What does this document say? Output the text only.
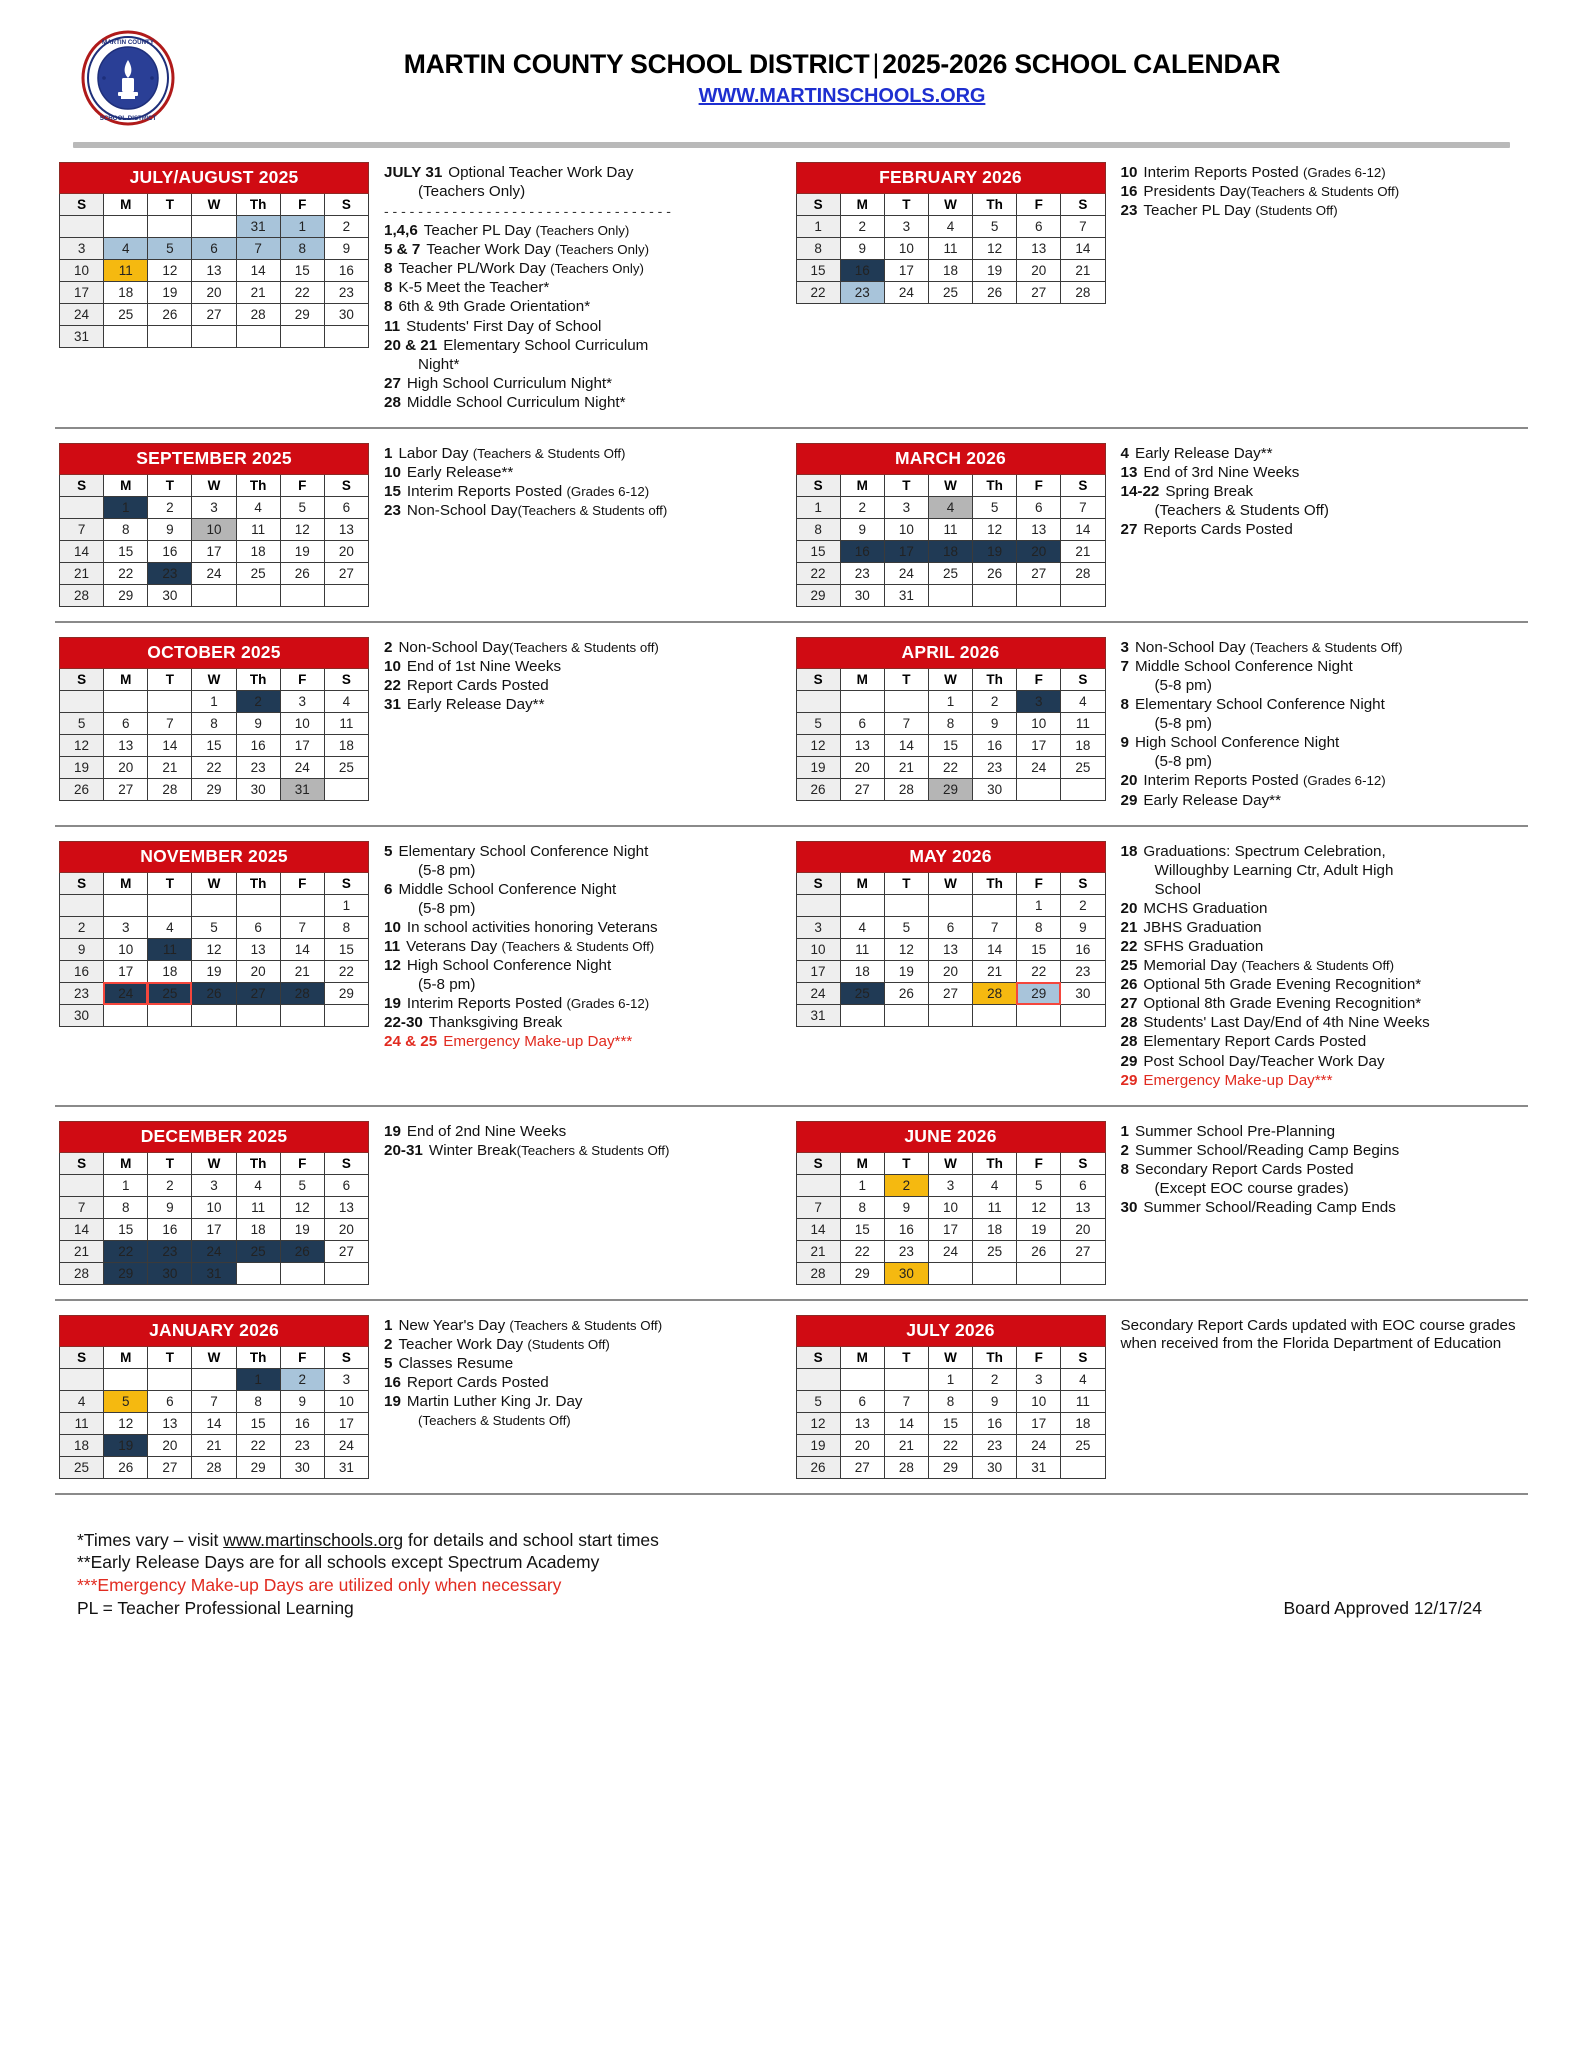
MARTIN COUNTY
SCHOOL DISTRICT
MARTIN COUNTY SCHOOL DISTRICT | 2025-2026 SCHOOL CALENDAR
WWW.MARTINSCHOOLS.ORG
JULY/AUGUST 2025						
S	M	T	W	Th	F	S
				31	1	2
3	4	5	6	7	8	9
10	11	12	13	14	15	16
17	18	19	20	21	22	23
24	25	26	27	28	29	30
31						
JULY 31 Optional Teacher Work Day
(Teachers Only)
- - - - - - - - - - - - - - - - - - - - - - - - - - - - - - - - - -
1,4,6 Teacher PL Day (Teachers Only)
5 & 7 Teacher Work Day (Teachers Only)
8 Teacher PL/Work Day (Teachers Only)
8 K-5 Meet the Teacher*
8 6th & 9th Grade Orientation*
11 Students' First Day of School
20 & 21 Elementary School Curriculum
Night*
27 High School Curriculum Night*
28 Middle School Curriculum Night*
FEBRUARY 2026						
S	M	T	W	Th	F	S
1	2	3	4	5	6	7
8	9	10	11	12	13	14
15	16	17	18	19	20	21
22	23	24	25	26	27	28
10 Interim Reports Posted (Grades 6-12)
16 Presidents Day(Teachers & Students Off)
23 Teacher PL Day (Students Off)
SEPTEMBER 2025						
S	M	T	W	Th	F	S
	1	2	3	4	5	6
7	8	9	10	11	12	13
14	15	16	17	18	19	20
21	22	23	24	25	26	27
28	29	30				
1 Labor Day (Teachers & Students Off)
10 Early Release**
15 Interim Reports Posted (Grades 6-12)
23 Non-School Day(Teachers & Students off)
MARCH 2026						
S	M	T	W	Th	F	S
1	2	3	4	5	6	7
8	9	10	11	12	13	14
15	16	17	18	19	20	21
22	23	24	25	26	27	28
29	30	31				
4 Early Release Day**
13 End of 3rd Nine Weeks
14-22 Spring Break
(Teachers & Students Off)
27 Reports Cards Posted
OCTOBER 2025						
S	M	T	W	Th	F	S
			1	2	3	4
5	6	7	8	9	10	11
12	13	14	15	16	17	18
19	20	21	22	23	24	25
26	27	28	29	30	31	
2 Non-School Day(Teachers & Students off)
10 End of 1st Nine Weeks
22 Report Cards Posted
31 Early Release Day**
APRIL 2026						
S	M	T	W	Th	F	S
			1	2	3	4
5	6	7	8	9	10	11
12	13	14	15	16	17	18
19	20	21	22	23	24	25
26	27	28	29	30		
3 Non-School Day (Teachers & Students Off)
7 Middle School Conference Night
(5-8 pm)
8 Elementary School Conference Night
(5-8 pm)
9 High School Conference Night
(5-8 pm)
20 Interim Reports Posted (Grades 6-12)
29 Early Release Day**
NOVEMBER 2025						
S	M	T	W	Th	F	S
						1
2	3	4	5	6	7	8
9	10	11	12	13	14	15
16	17	18	19	20	21	22
23	24	25	26	27	28	29
30						
5 Elementary School Conference Night
(5-8 pm)
6 Middle School Conference Night
(5-8 pm)
10 In school activities honoring Veterans
11 Veterans Day (Teachers & Students Off)
12 High School Conference Night
(5-8 pm)
19 Interim Reports Posted (Grades 6-12)
22-30 Thanksgiving Break
24 & 25 Emergency Make-up Day***
MAY 2026						
S	M	T	W	Th	F	S
					1	2
3	4	5	6	7	8	9
10	11	12	13	14	15	16
17	18	19	20	21	22	23
24	25	26	27	28	29	30
31						
18 Graduations: Spectrum Celebration,
Willoughby Learning Ctr, Adult High
School
20 MCHS Graduation
21 JBHS Graduation
22 SFHS Graduation
25 Memorial Day (Teachers & Students Off)
26 Optional 5th Grade Evening Recognition*
27 Optional 8th Grade Evening Recognition*
28 Students' Last Day/End of 4th Nine Weeks
28 Elementary Report Cards Posted
29 Post School Day/Teacher Work Day
29 Emergency Make-up Day***
DECEMBER 2025						
S	M	T	W	Th	F	S
	1	2	3	4	5	6
7	8	9	10	11	12	13
14	15	16	17	18	19	20
21	22	23	24	25	26	27
28	29	30	31			
19 End of 2nd Nine Weeks
20-31 Winter Break(Teachers & Students Off)
JUNE 2026						
S	M	T	W	Th	F	S
	1	2	3	4	5	6
7	8	9	10	11	12	13
14	15	16	17	18	19	20
21	22	23	24	25	26	27
28	29	30				
1 Summer School Pre-Planning
2 Summer School/Reading Camp Begins
8 Secondary Report Cards Posted
(Except EOC course grades)
30 Summer School/Reading Camp Ends
JANUARY 2026						
S	M	T	W	Th	F	S
				1	2	3
4	5	6	7	8	9	10
11	12	13	14	15	16	17
18	19	20	21	22	23	24
25	26	27	28	29	30	31
1 New Year's Day (Teachers & Students Off)
2 Teacher Work Day (Students Off)
5 Classes Resume
16 Report Cards Posted
19 Martin Luther King Jr. Day
(Teachers & Students Off)
JULY 2026						
S	M	T	W	Th	F	S
			1	2	3	4
5	6	7	8	9	10	11
12	13	14	15	16	17	18
19	20	21	22	23	24	25
26	27	28	29	30	31	
Secondary Report Cards updated with EOC course grades when received from the Florida Department of Education
*Times vary – visit www.martinschools.org for details and school start times
**Early Release Days are for all schools except Spectrum Academy
***Emergency Make-up Days are utilized only when necessary
PL = Teacher Professional Learning	Board Approved 12/17/24
